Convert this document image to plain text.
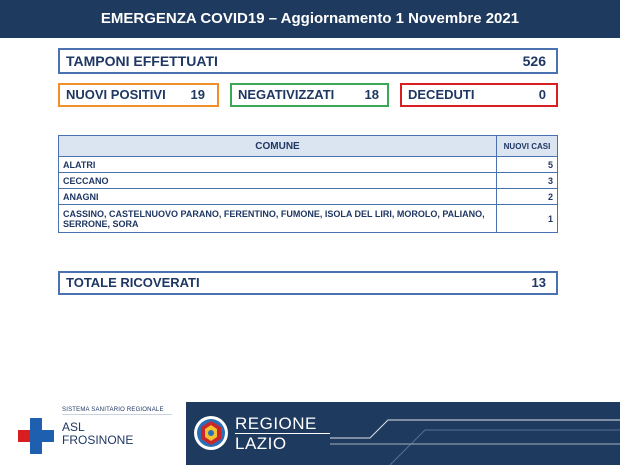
EMERGENZA COVID19 – Aggiornamento 1 Novembre 2021
TAMPONI EFFETTUATI	526
NUOVI POSITIVI 19	NEGATIVIZZATI 18 DECEDUTI	0
COMUNE	NUOVI CASI
ALATRI	5
CECCANO	3
ANAGNI	2
CASSINO, CASTELNUOVO PARANO, FERENTINO, FUMONE, ISOLA DEL LIRI, MOROLO, PALIANO, SERRONE, SORA	1
TOTALE RICOVERATI	13
SISTEMA SANITARIO REGIONALE
ASL
FROSINONE
REGIONE
LAZIO
